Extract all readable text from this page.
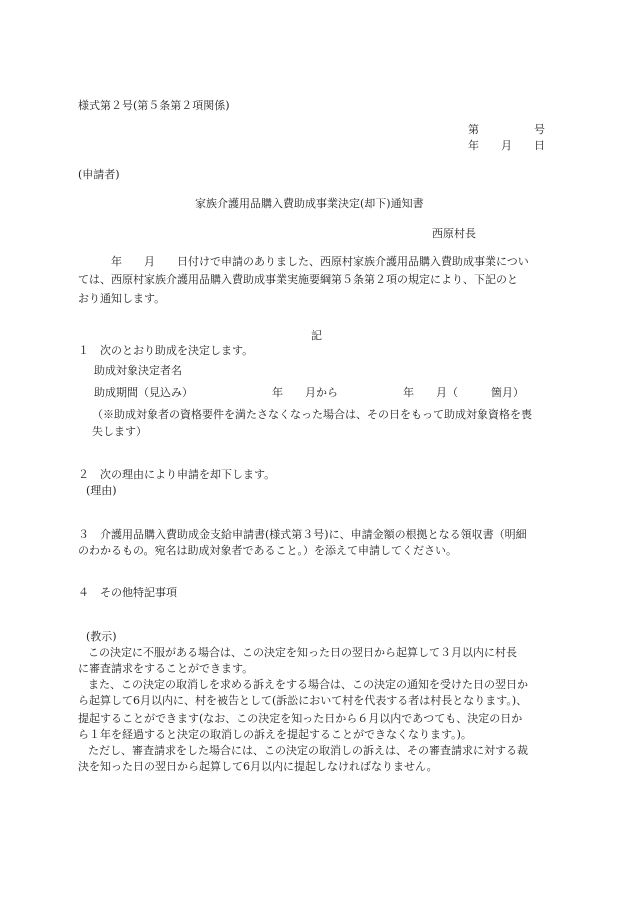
様式第２号(第５条第２項関係)
第　　　　　号
年　　月　　日
(申請者)
家族介護用品購入費助成事業決定(却下)通知書
西原村長
　　　年　　月　　日付けで申請のありました、西原村家族介護用品購入費助成事業につい
ては、西原村家族介護用品購入費助成事業実施要綱第５条第２項の規定により、下記のと
おり通知します。
記
１　次のとおり助成を決定します。
助成対象決定者名
助成期間（見込み）	年　　月から	年　　月（　　　箇月）
（※助成対象者の資格要件を満たさなくなった場合は、その日をもって助成対象資格を喪
失します）
２　次の理由により申請を却下します。
(理由)
３　介護用品購入費助成金支給申請書(様式第３号)に、申請金額の根拠となる領収書（明細
のわかるもの。宛名は助成対象者であること。）を添えて申請してください。
４　その他特記事項
(教示)
この決定に不服がある場合は、この決定を知った日の翌日から起算して３月以内に村長
に審査請求をすることができます。
また、この決定の取消しを求める訴えをする場合は、この決定の通知を受けた日の翌日か
ら起算して6月以内に、村を被告として(訴訟において村を代表する者は村長となります。)、
提起することができます(なお、この決定を知った日から６月以内であつても、決定の日か
ら１年を経過すると決定の取消しの訴えを提起することができなくなります。)。
ただし、審査請求をした場合には、この決定の取消しの訴えは、その審査請求に対する裁
決を知った日の翌日から起算して6月以内に提起しなければなりません。
